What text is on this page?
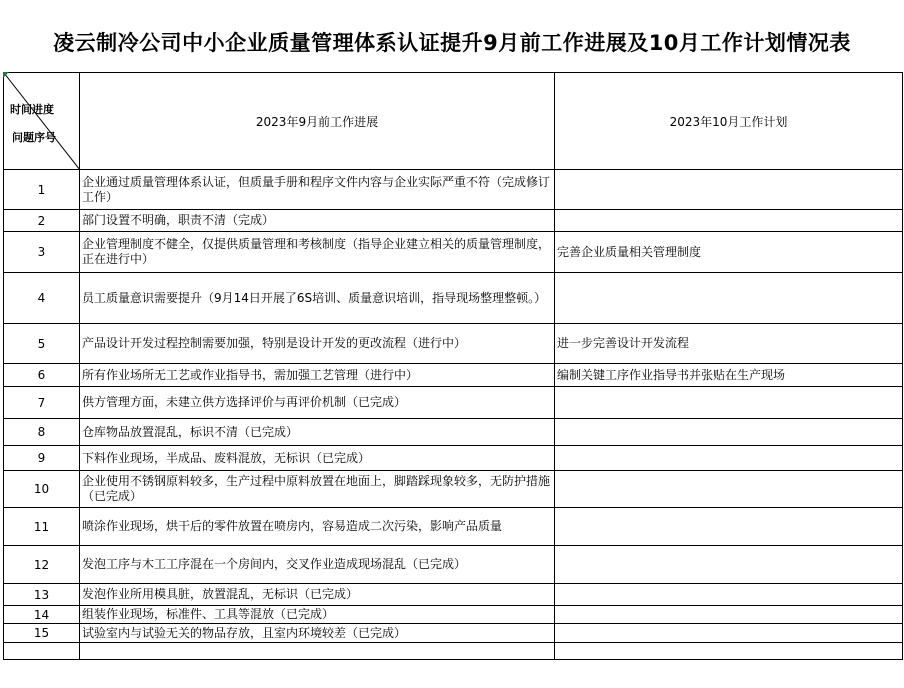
凌云制冷公司中小企业质量管理体系认证提升9月前工作进展及10月工作计划情况表
时间进度
问题序号	2023年9月前工作进展	2023年10月工作计划
1	企业通过质量管理体系认证，但质量手册和程序文件内容与企业实际严重不符（完成修订工作）	
2	部门设置不明确，职责不清（完成）	
3	企业管理制度不健全，仅提供质量管理和考核制度（指导企业建立相关的质量管理制度，正在进行中）	完善企业质量相关管理制度
4	员工质量意识需要提升（9月14日开展了6S培训、质量意识培训，指导现场整理整顿。）	
5	产品设计开发过程控制需要加强，特别是设计开发的更改流程（进行中）	进一步完善设计开发流程
6	所有作业场所无工艺或作业指导书，需加强工艺管理（进行中）	编制关键工序作业指导书并张贴在生产现场
7	供方管理方面，未建立供方选择评价与再评价机制（已完成）	
8	仓库物品放置混乱，标识不清（已完成）	
9	下料作业现场，半成品、废料混放，无标识（已完成）	
10	企业使用不锈钢原料较多，生产过程中原料放置在地面上，脚踏踩现象较多，无防护措施（已完成）	
11	喷涂作业现场，烘干后的零件放置在喷房内，容易造成二次污染，影响产品质量	
12	发泡工序与木工工序混在一个房间内，交叉作业造成现场混乱（已完成）	
13	发泡作业所用模具脏，放置混乱，无标识（已完成）	
14	组装作业现场，标准件、工具等混放（已完成）	
15	试验室内与试验无关的物品存放，且室内环境较差（已完成）	
